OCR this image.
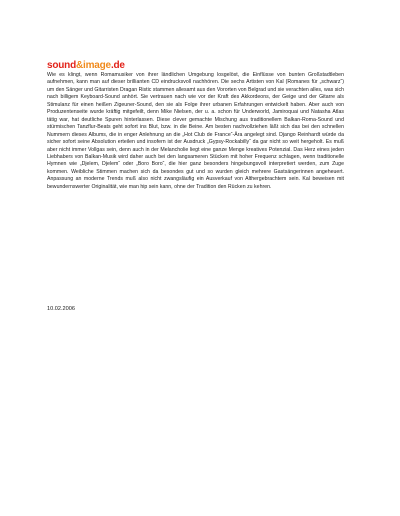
sound&image.de

Wie es klingt, wenn Romamusiker von ihrer ländlichen Umgebung losgelöst, die Einflüsse von bunten Großstadtleben aufnehmen, kann man auf dieser brillianten CD eindrucksvoll nachhören. Die sechs Artisten von Kal (Romanes für „schwarz“) um den Sänger und Gitarristen Dragan Ristic stammen allesamt aus den Vororten von Belgrad und sie verachten alles, was sich nach billigem Keyboard-Sound anhört. Sie vertrauen nach wie vor der Kraft des Akkordeons, der Geige und der Gitarre als Stimulanz für einen heißen Zigeuner-Sound, den sie als Folge ihrer urbanen Erfahrungen entwickelt haben. Aber auch von Produzentenseite wurde kräftig mitgefeilt, denn Mike Nielsen, der u. a. schon für Underworld, Jamiroquai und Natasha Atlas tätig war, hat deutliche Spuren hinterlassen. Diese clever gemachte Mischung aus traditionellem Balkan-Roma-Sound und stürmischen Tanzflur-Beats geht sofort ins Blut, bzw. in die Beine. Am besten nachvollziehen läßt sich das bei den schnellen Nummern dieses Albums, die in enger Anlehnung an die „Hot Club de France“-Ära angelegt sind. Django Reinhardt würde da sicher sofort seine Absolution erteilen und insofern ist der Ausdruck „Gypsy-Rockabilly“ da gar nicht so weit hergeholt. Es muß aber nicht immer Vollgas sein, denn auch in der Melancholie liegt eine ganze Menge kreatives Potenzial. Das Herz eines jeden Liebhabers von Balkan-Musik wird daher auch bei den langsameren Stücken mit hoher Frequenz schlagen, wenn traditionelle Hymnen wie „Djelem, Djelem“ oder „Boro Boro“, die hier ganz besonders hingebungsvoll interpretiert werden, zum Zuge kommen. Weibliche Stimmen machen sich da besondes gut und so wurden gleich mehrere Gastsängerinnen angeheuert. Anpassung an moderne Trends muß also nicht zwangsläufig ein Ausverkauf von Althergebrachtem sein. Kal beweisen mit bewundernswerter Originalität, wie man hip sein kann, ohne der Tradition den Rücken zu kehren.

10.02.2006
